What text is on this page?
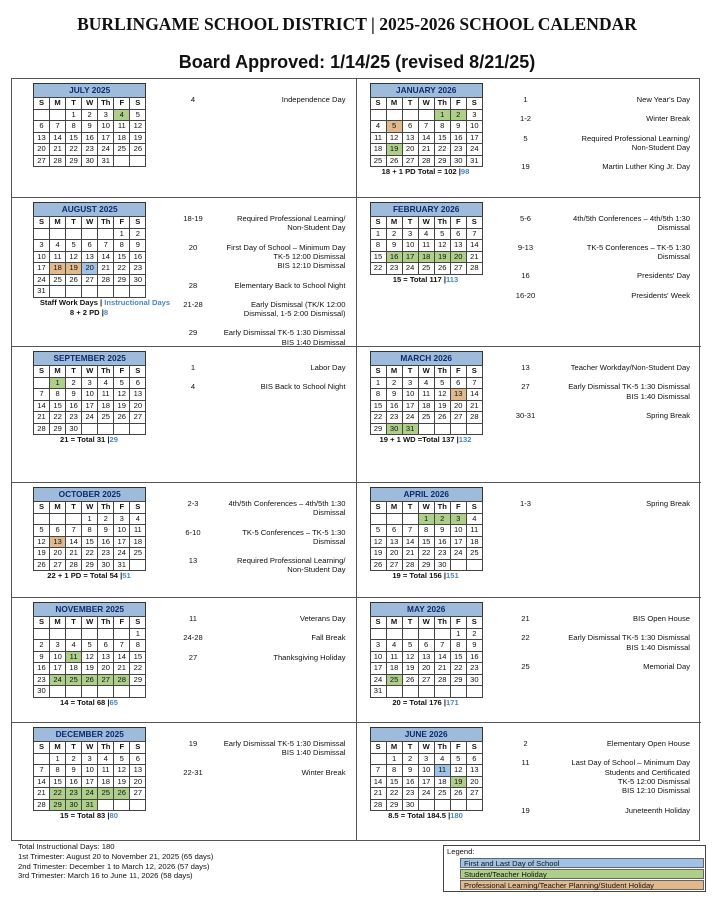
BURLINGAME SCHOOL DISTRICT | 2025-2026 SCHOOL CALENDAR
Board Approved: 1/14/25 (revised 8/21/25)
JULY 2025
S	M	T	W	Th	F	S
		1	2	3	4	5
6	7	8	9	10	11	12
13	14	15	16	17	18	19
20	21	22	23	24	25	26
27	28	29	30	31		
4	Independence Day
AUGUST 2025
S	M	T	W	Th	F	S
					1	2
3	4	5	6	7	8	9
10	11	12	13	14	15	16
17	18	19	20	21	22	23
24	25	26	27	28	29	30
31						
Staff Work Days | Instructional Days
8 + 2 PD |8
18-19	Required Professional Learning/
Non-Student Day
20	First Day of School – Minimum Day
TK-5 12:00 Dismissal
BIS 12:10 Dismissal
28	Elementary Back to School Night
21-28	Early Dismissal (TK/K 12:00
Dismissal, 1-5 2:00 Dismissal)
29	Early Dismissal TK-5 1:30 Dismissal
BIS 1:40 Dismissal
SEPTEMBER 2025
S	M	T	W	Th	F	S
	1	2	3	4	5	6
7	8	9	10	11	12	13
14	15	16	17	18	19	20
21	22	23	24	25	26	27
28	29	30				
21 = Total 31 |29
1	Labor Day
4	BIS Back to School Night
OCTOBER 2025
S	M	T	W	Th	F	S
			1	2	3	4
5	6	7	8	9	10	11
12	13	14	15	16	17	18
19	20	21	22	23	24	25
26	27	28	29	30	31	
22 + 1 PD = Total 54 |51
2-3	4th/5th Conferences – 4th/5th 1:30
Dismissal
6-10	TK-5 Conferences – TK-5 1:30
Dismissal
13	Required Professional Learning/
Non-Student Day
NOVEMBER 2025
S	M	T	W	Th	F	S
						1
2	3	4	5	6	7	8
9	10	11	12	13	14	15
16	17	18	19	20	21	22
23	24	25	26	27	28	29
30						
14 = Total 68 |65
11	Veterans Day
24-28	Fall Break
27	Thanksgiving Holiday
DECEMBER 2025
S	M	T	W	Th	F	S
	1	2	3	4	5	6
7	8	9	10	11	12	13
14	15	16	17	18	19	20
21	22	23	24	25	26	27
28	29	30	31			
15 = Total 83 |80
19	Early Dismissal TK-5 1:30 Dismissal
BIS 1:40 Dismissal
22-31	Winter Break
JANUARY 2026
S	M	T	W	Th	F	S
				1	2	3
4	5	6	7	8	9	10
11	12	13	14	15	16	17
18	19	20	21	22	23	24
25	26	27	28	29	30	31
18 + 1 PD Total = 102 |98
1	New Year's Day
1-2	Winter Break
5	Required Professional Learning/
Non-Student Day
19	Martin Luther King Jr. Day
FEBRUARY 2026
S	M	T	W	Th	F	S
1	2	3	4	5	6	7
8	9	10	11	12	13	14
15	16	17	18	19	20	21
22	23	24	25	26	27	28
15 = Total 117 |113
5-6	4th/5th Conferences – 4th/5th 1:30
Dismissal
9-13	TK-5 Conferences – TK-5 1:30
Dismissal
16	Presidents' Day
16-20	Presidents' Week
MARCH 2026
S	M	T	W	Th	F	S
1	2	3	4	5	6	7
8	9	10	11	12	13	14
15	16	17	18	19	20	21
22	23	24	25	26	27	28
29	30	31				
19 + 1 WD =Total 137 |132
13	Teacher Workday/Non-Student Day
27	Early Dismissal TK-5 1:30 Dismissal
BIS 1:40 Dismissal
30-31	Spring Break
APRIL 2026
S	M	T	W	Th	F	S
			1	2	3	4
5	6	7	8	9	10	11
12	13	14	15	16	17	18
19	20	21	22	23	24	25
26	27	28	29	30		
19 = Total 156 |151
1-3	Spring Break
MAY 2026
S	M	T	W	Th	F	S
					1	2
3	4	5	6	7	8	9
10	11	12	13	14	15	16
17	18	19	20	21	22	23
24	25	26	27	28	29	30
31						
20 = Total 176 |171
21	BIS Open House
22	Early Dismissal TK-5 1:30 Dismissal
BIS 1:40 Dismissal
25	Memorial Day
JUNE 2026
S	M	T	W	Th	F	S
	1	2	3	4	5	6
7	8	9	10	11	12	13
14	15	16	17	18	19	20
21	22	23	24	25	26	27
28	29	30				
8.5 = Total 184.5 |180
2	Elementary Open House
11	Last Day of School – Minimum Day
Students and Certificated
TK-5 12:00 Dismissal
BIS 12:10 Dismissal
19	Juneteenth Holiday
Total Instructional Days: 180
1st Trimester: August 20 to November 21, 2025 (65 days)
2nd Trimester: December 1 to March 12, 2026 (57 days)
3rd Trimester: March 16 to June 11, 2026 (58 days)
Legend:
First and Last Day of School
Student/Teacher Holiday
Professional Learning/Teacher Planning/Student Holiday
